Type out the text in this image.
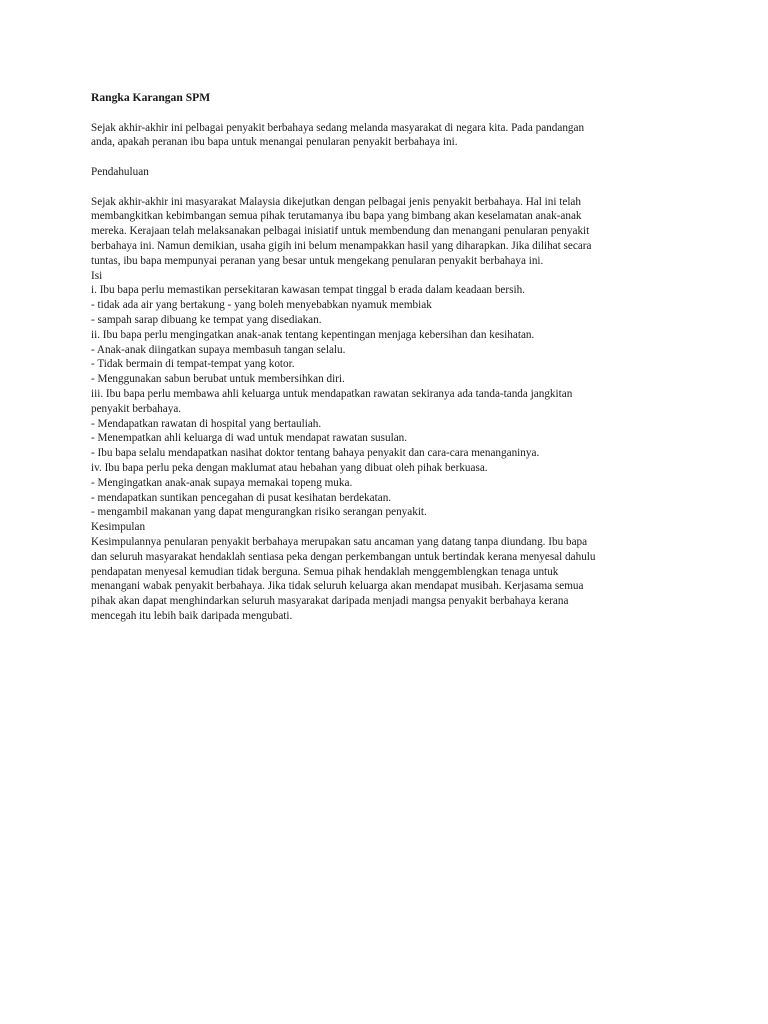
Rangka Karangan SPM
Sejak akhir-akhir ini pelbagai penyakit berbahaya sedang melanda masyarakat di negara kita. Pada pandangan
anda, apakah peranan ibu bapa untuk menangai penularan penyakit berbahaya ini.
Pendahuluan
Sejak akhir-akhir ini masyarakat Malaysia dikejutkan dengan pelbagai jenis penyakit berbahaya. Hal ini telah
membangkitkan kebimbangan semua pihak terutamanya ibu bapa yang bimbang akan keselamatan anak-anak
mereka. Kerajaan telah melaksanakan pelbagai inisiatif untuk membendung dan menangani penularan penyakit
berbahaya ini. Namun demikian, usaha gigih ini belum menampakkan hasil yang diharapkan. Jika dilihat secara
tuntas, ibu bapa mempunyai peranan yang besar untuk mengekang penularan penyakit berbahaya ini.
Isi
i. Ibu bapa perlu memastikan persekitaran kawasan tempat tinggal b erada dalam keadaan bersih.
- tidak ada air yang bertakung - yang boleh menyebabkan nyamuk membiak
- sampah sarap dibuang ke tempat yang disediakan.
ii. Ibu bapa perlu mengingatkan anak-anak tentang kepentingan menjaga kebersihan dan kesihatan.
- Anak-anak diingatkan supaya membasuh tangan selalu.
- Tidak bermain di tempat-tempat yang kotor.
- Menggunakan sabun berubat untuk membersihkan diri.
iii. Ibu bapa perlu membawa ahli keluarga untuk mendapatkan rawatan sekiranya ada tanda-tanda jangkitan
penyakit berbahaya.
- Mendapatkan rawatan di hospital yang bertauliah.
- Menempatkan ahli keluarga di wad untuk mendapat rawatan susulan.
- Ibu bapa selalu mendapatkan nasihat doktor tentang bahaya penyakit dan cara-cara menanganinya.
iv. Ibu bapa perlu peka dengan maklumat atau hebahan yang dibuat oleh pihak berkuasa.
- Mengingatkan anak-anak supaya memakai topeng muka.
- mendapatkan suntikan pencegahan di pusat kesihatan berdekatan.
- mengambil makanan yang dapat mengurangkan risiko serangan penyakit.
Kesimpulan
Kesimpulannya penularan penyakit berbahaya merupakan satu ancaman yang datang tanpa diundang. Ibu bapa
dan seluruh masyarakat hendaklah sentiasa peka dengan perkembangan untuk bertindak kerana menyesal dahulu
pendapatan menyesal kemudian tidak berguna. Semua pihak hendaklah menggemblengkan tenaga untuk
menangani wabak penyakit berbahaya. Jika tidak seluruh keluarga akan mendapat musibah. Kerjasama semua
pihak akan dapat menghindarkan seluruh masyarakat daripada menjadi mangsa penyakit berbahaya kerana
mencegah itu lebih baik daripada mengubati.
